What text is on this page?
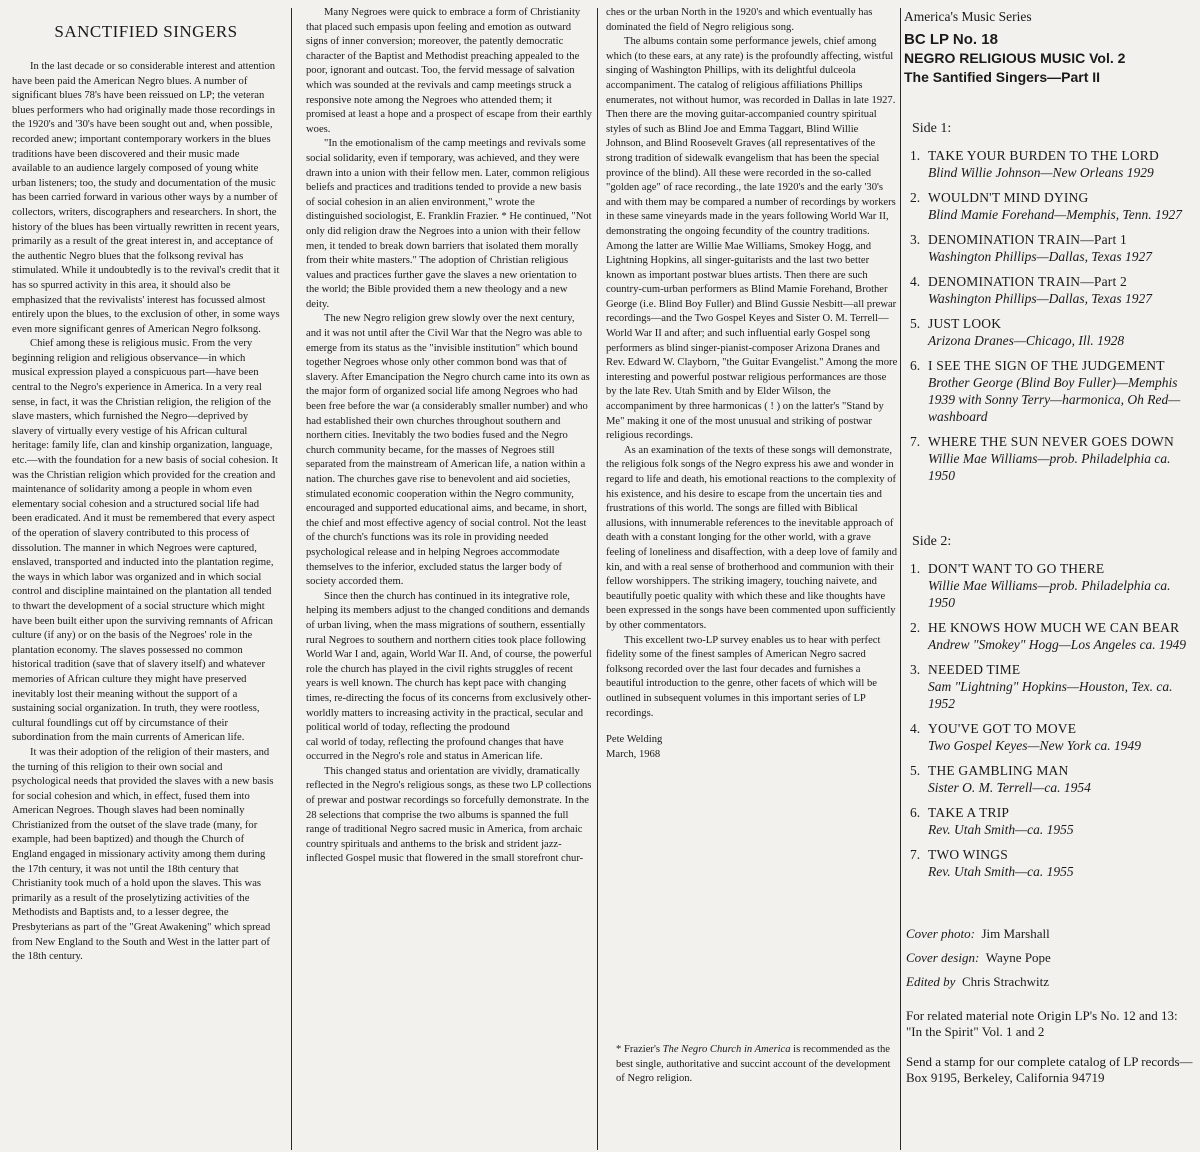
SANCTIFIED SINGERS

In the last decade or so considerable interest and attention have been paid the American Negro blues. A number of significant blues 78's have been reissued on LP; the veteran blues performers who had originally made those recordings in the 1920's and '30's have been sought out and, when possible, recorded anew; important contemporary workers in the blues traditions have been discovered and their music made available to an audience largely composed of young white urban listeners; too, the study and documentation of the music has been carried forward in various other ways by a number of collectors, writers, discographers and researchers. In short, the history of the blues has been virtually rewritten in recent years, primarily as a result of the great interest in, and acceptance of the authentic Negro blues that the folksong revival has stimulated. While it undoubtedly is to the revival's credit that it has so spurred activity in this area, it should also be emphasized that the revivalists' interest has focussed almost entirely upon the blues, to the exclusion of other, in some ways even more significant genres of American Negro folksong.

Chief among these is religious music. From the very beginning religion and religious observance—in which musical expression played a conspicuous part—have been central to the Negro's experience in America. In a very real sense, in fact, it was the Christian religion, the religion of the slave masters, which furnished the Negro—deprived by slavery of virtually every vestige of his African cultural heritage: family life, clan and kinship organization, language, etc.—with the foundation for a new basis of social cohesion. It was the Christian religion which provided for the creation and maintenance of solidarity among a people in whom even elementary social cohesion and a structured social life had been eradicated. And it must be remembered that every aspect of the operation of slavery contributed to this process of dissolution. The manner in which Negroes were captured, enslaved, transported and inducted into the plantation regime, the ways in which labor was organized and in which social control and discipline maintained on the plantation all tended to thwart the development of a social structure which might have been built either upon the surviving remnants of African culture (if any) or on the basis of the Negroes' role in the plantation economy. The slaves possessed no common historical tradition (save that of slavery itself) and whatever memories of African culture they might have preserved inevitably lost their meaning without the support of a sustaining social organization. In truth, they were rootless, cultural foundlings cut off by circumstance of their subordination from the main currents of American life.

It was their adoption of the religion of their masters, and the turning of this religion to their own social and psychological needs that provided the slaves with a new basis for social cohesion and which, in effect, fused them into American Negroes. Though slaves had been nominally Christianized from the outset of the slave trade (many, for example, had been baptized) and though the Church of England engaged in missionary activity among them during the 17th century, it was not until the 18th century that Christianity took much of a hold upon the slaves. This was primarily as a result of the proselytizing activities of the Methodists and Baptists and, to a lesser degree, the Presbyterians as part of the "Great Awakening" which spread from New England to the South and West in the latter part of the 18th century.

Many Negroes were quick to embrace a form of Christianity that placed such empasis upon feeling and emotion as outward signs of inner conversion; moreover, the patently democratic character of the Baptist and Methodist preaching appealed to the poor, ignorant and outcast. Too, the fervid message of salvation which was sounded at the revivals and camp meetings struck a responsive note among the Negroes who attended them; it promised at least a hope and a prospect of escape from their earthly woes.

"In the emotionalism of the camp meetings and revivals some social solidarity, even if temporary, was achieved, and they were drawn into a union with their fellow men. Later, common religious beliefs and practices and traditions tended to provide a new basis of social cohesion in an alien environment," wrote the distinguished sociologist, E. Franklin Frazier. * He continued, "Not only did religion draw the Negroes into a union with their fellow men, it tended to break down barriers that isolated them morally from their white masters." The adoption of Christian religious values and practices further gave the slaves a new orientation to the world; the Bible provided them a new theology and a new deity.

The new Negro religion grew slowly over the next century, and it was not until after the Civil War that the Negro was able to emerge from its status as the "invisible institution" which bound together Negroes whose only other common bond was that of slavery. After Emancipation the Negro church came into its own as the major form of organized social life among Negroes who had been free before the war (a considerably smaller number) and who had established their own churches throughout southern and northern cities. Inevitably the two bodies fused and the Negro church community became, for the masses of Negroes still separated from the mainstream of American life, a nation within a nation. The churches gave rise to benevolent and aid societies, stimulated economic cooperation within the Negro community, encouraged and supported educational aims, and became, in short, the chief and most effective agency of social control. Not the least of the church's functions was its role in providing needed psychological release and in helping Negroes accommodate themselves to the inferior, excluded status the larger body of society accorded them.

Since then the church has continued in its integrative role, helping its members adjust to the changed conditions and demands of urban living, when the mass migrations of southern, essentially rural Negroes to southern and northern cities took place following World War I and, again, World War II. And, of course, the powerful role the church has played in the civil rights struggles of recent years is well known. The church has kept pace with changing times, re-directing the focus of its concerns from exclusively other-worldly matters to increasing activity in the practical, secular and political world of today, reflecting the prodound

cal world of today, reflecting the profound changes that have occurred in the Negro's role and status in American life.

This changed status and orientation are vividly, dramatically reflected in the Negro's religious songs, as these two LP collections of prewar and postwar recordings so forcefully demonstrate. In the 28 selections that comprise the two albums is spanned the full range of traditional Negro sacred music in America, from archaic country spirituals and anthems to the brisk and strident jazz-inflected Gospel music that flowered in the small storefront chur-

ches or the urban North in the 1920's and which eventually has dominated the field of Negro religious song.

The albums contain some performance jewels, chief among which (to these ears, at any rate) is the profoundly affecting, wistful singing of Washington Phillips, with its delightful dulceola accompaniment. The catalog of religious affiliations Phillips enumerates, not without humor, was recorded in Dallas in late 1927. Then there are the moving guitar-accompanied country spiritual styles of such as Blind Joe and Emma Taggart, Blind Willie Johnson, and Blind Roosevelt Graves (all representatives of the strong tradition of sidewalk evangelism that has been the special province of the blind). All these were recorded in the so-called "golden age" of race recording., the late 1920's and the early '30's and with them may be compared a number of recordings by workers in these same vineyards made in the years following World War II, demonstrating the ongoing fecundity of the country traditions. Among the latter are Willie Mae Williams, Smokey Hogg, and Lightning Hopkins, all singer-guitarists and the last two better known as important postwar blues artists. Then there are such country-cum-urban performers as Blind Mamie Forehand, Brother George (i.e. Blind Boy Fuller) and Blind Gussie Nesbitt—all prewar recordings—and the Two Gospel Keyes and Sister O. M. Terrell—World War II and after; and such influential early Gospel song performers as blind singer-pianist-composer Arizona Dranes and Rev. Edward W. Clayborn, "the Guitar Evangelist." Among the more interesting and powerful postwar religious performances are those by the late Rev. Utah Smith and by Elder Wilson, the accompaniment by three harmonicas ( ! ) on the latter's "Stand by Me" making it one of the most unusual and striking of postwar religious recordings.

As an examination of the texts of these songs will demonstrate, the religious folk songs of the Negro express his awe and wonder in regard to life and death, his emotional reactions to the complexity of his existence, and his desire to escape from the uncertain ties and frustrations of this world. The songs are filled with Biblical allusions, with innumerable references to the inevitable approach of death with a constant longing for the other world, with a grave feeling of loneliness and disaffection, with a deep love of family and kin, and with a real sense of brotherhood and communion with their fellow worshippers. The striking imagery, touching naivete, and beautifully poetic quality with which these and like thoughts have been expressed in the songs have been commented upon sufficiently by other commentators.

This excellent two-LP survey enables us to hear with perfect fidelity some of the finest samples of American Negro sacred folksong recorded over the last four decades and furnishes a beautiful introduction to the genre, other facets of which will be outlined in subsequent volumes in this important series of LP recordings.

Pete Welding
March, 1968
* Frazier's The Negro Church in America is recommended as the best single, authoritative and succint account of the development of Negro religion.
America's Music Series
BC LP No. 18
NEGRO RELIGIOUS MUSIC Vol. 2
The Santified Singers—Part II
Side 1:
1. TAKE YOUR BURDEN TO THE LORD
Blind Willie Johnson—New Orleans 1929
2. WOULDN'T MIND DYING
Blind Mamie Forehand—Memphis, Tenn. 1927
3. DENOMINATION TRAIN—Part 1
Washington Phillips—Dallas, Texas 1927
4. DENOMINATION TRAIN—Part 2
Washington Phillips—Dallas, Texas 1927
5. JUST LOOK
Arizona Dranes—Chicago, Ill. 1928
6. I SEE THE SIGN OF THE JUDGEMENT
Brother George (Blind Boy Fuller)—Memphis 1939 with Sonny Terry—harmonica, Oh Red—washboard
7. WHERE THE SUN NEVER GOES DOWN
Willie Mae Williams—prob. Philadelphia ca. 1950
Side 2:
1. DON'T WANT TO GO THERE
Willie Mae Williams—prob. Philadelphia ca. 1950
2. HE KNOWS HOW MUCH WE CAN BEAR
Andrew "Smokey" Hogg—Los Angeles ca. 1949
3. NEEDED TIME
Sam "Lightning" Hopkins—Houston, Tex. ca. 1952
4. YOU'VE GOT TO MOVE
Two Gospel Keyes—New York ca. 1949
5. THE GAMBLING MAN
Sister O. M. Terrell—ca. 1954
6. TAKE A TRIP
Rev. Utah Smith—ca. 1955
7. TWO WINGS
Rev. Utah Smith—ca. 1955
Cover photo: Jim Marshall
Cover design: Wayne Pope
Edited by Chris Strachwitz
For related material note Origin LP's No. 12 and 13: "In the Spirit" Vol. 1 and 2
Send a stamp for our complete catalog of LP records—Box 9195, Berkeley, California 94719
